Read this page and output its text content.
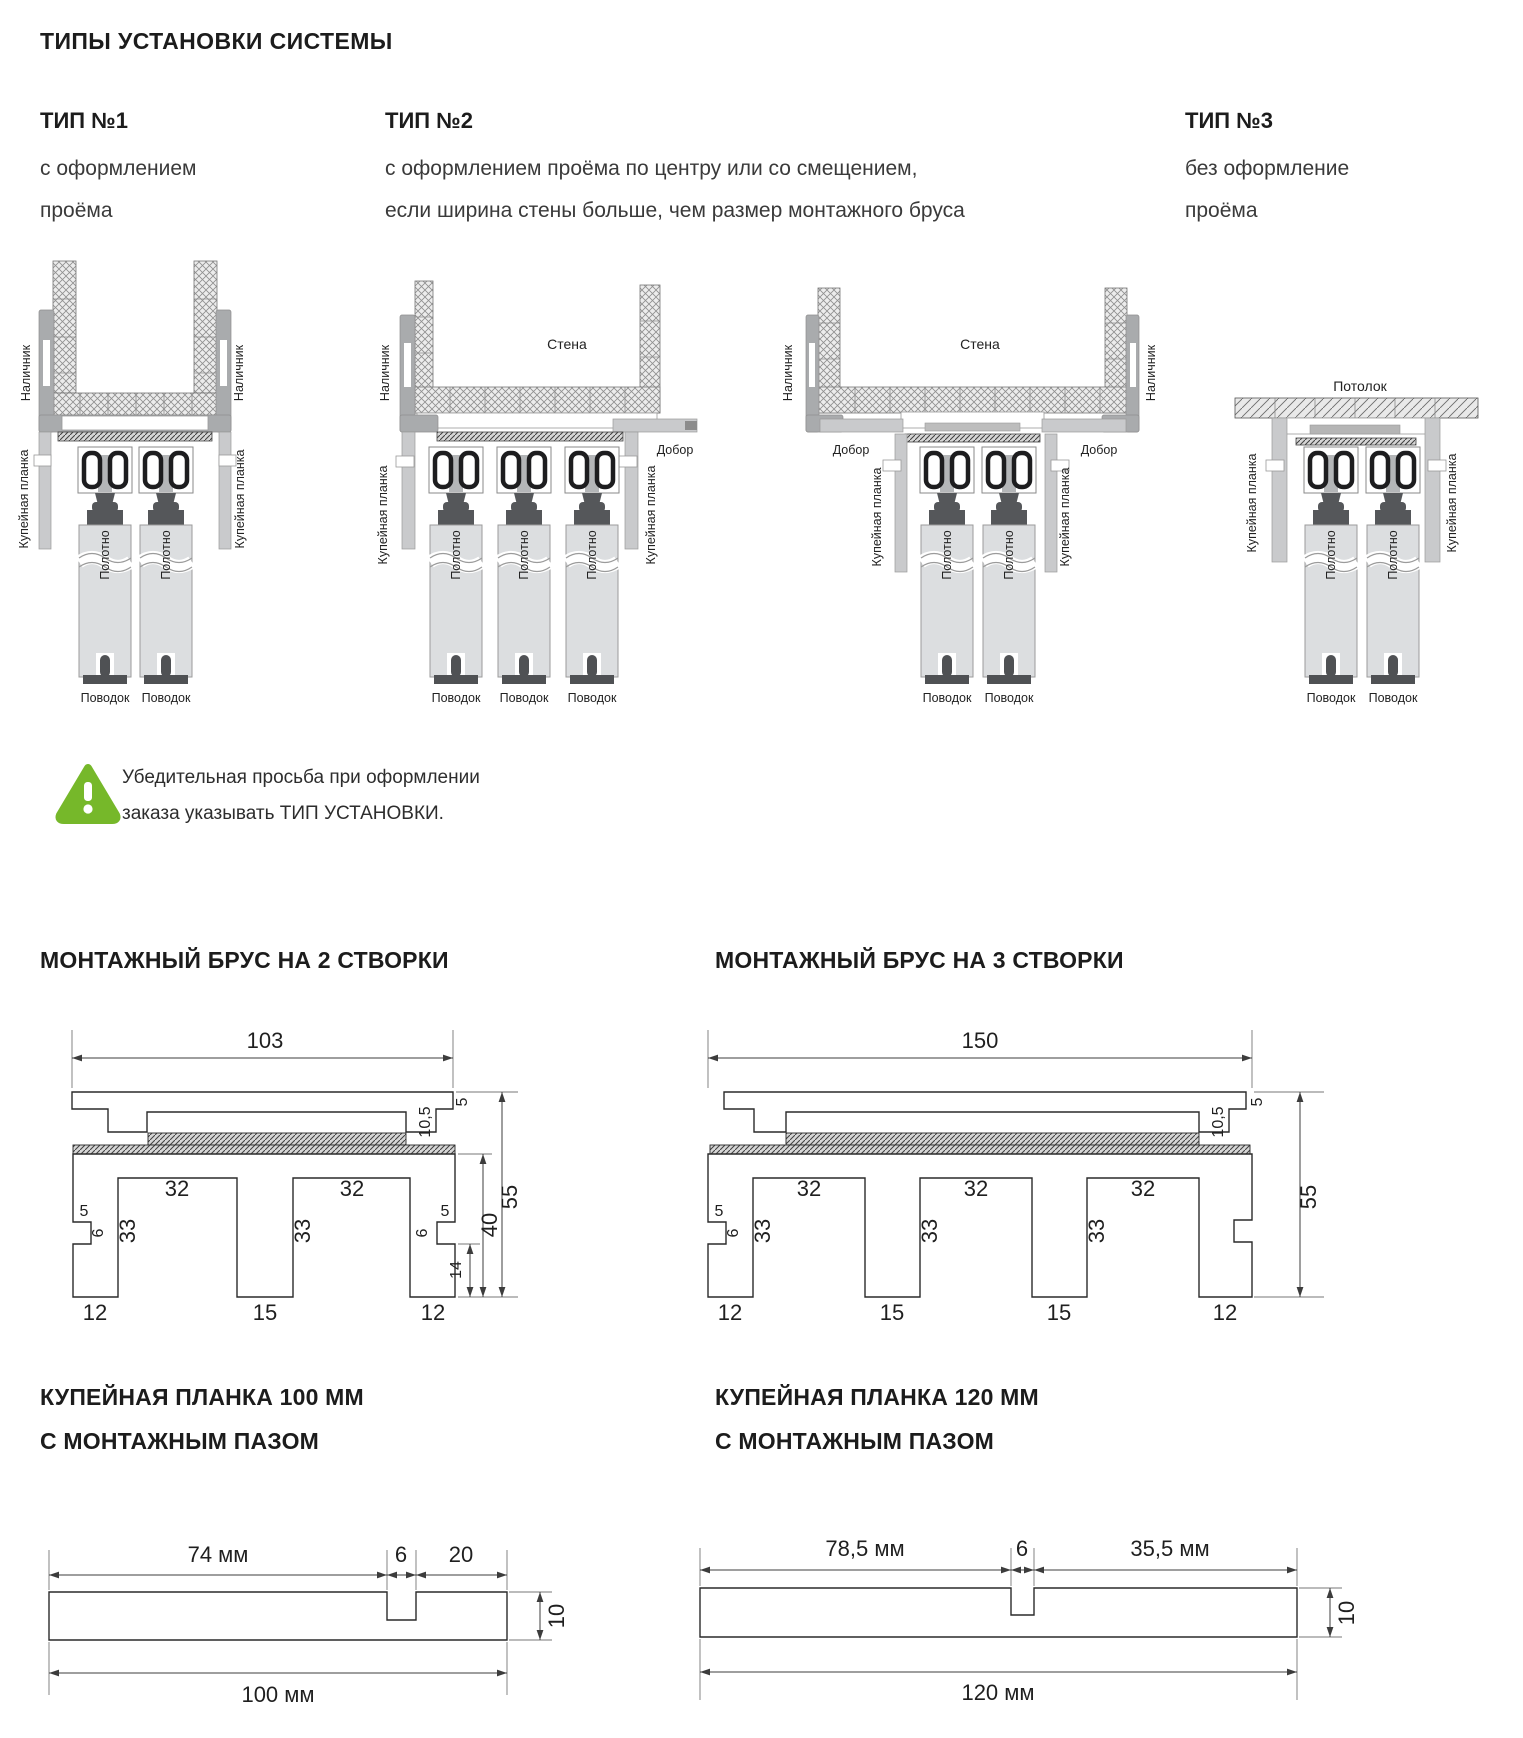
ТИПЫ УСТАНОВКИ СИСТЕМЫ
ТИП №1
с оформлением
проёма
ТИП №2
с оформлением проёма по центру или со смещением,
если ширина стены больше, чем размер монтажного бруса
ТИП №3
без оформление
проёма
Наличник	Наличник
Купейная планка	Купейная планка
Полотно	Полотно
Поводок Поводок
Стена
Добор
Наличник
Купейная планка	Купейная планка
Полотно	Полотно	Полотно
Поводок Поводок Поводок
Стена
Добор	Добор
Наличник	Наличник
Купейная планка	Купейная планка
Полотно	Полотно
Поводок Поводок
Потолок
Купейная планка	Купейная планка
Полотно	Полотно
Поводок Поводок
Убедительная просьба при оформлении
заказа указывать ТИП УСТАНОВКИ.
МОНТАЖНЫЙ БРУС НА 2 СТВОРКИ	МОНТАЖНЫЙ БРУС НА 3 СТВОРКИ
103
32	32
33	33
5
6
5
6
12	15	12
5
10,5
40
14
55
150
32	32	32
33	33	33
5
6
12	15	15	12
5
10,5
55
КУПЕЙНАЯ ПЛАНКА 100 ММ
С МОНТАЖНЫМ ПАЗОМ
КУПЕЙНАЯ ПЛАНКА 120 ММ
С МОНТАЖНЫМ ПАЗОМ
74 мм	6 20
10
100 мм
78,5 мм	6	35,5 мм
10
120 мм
